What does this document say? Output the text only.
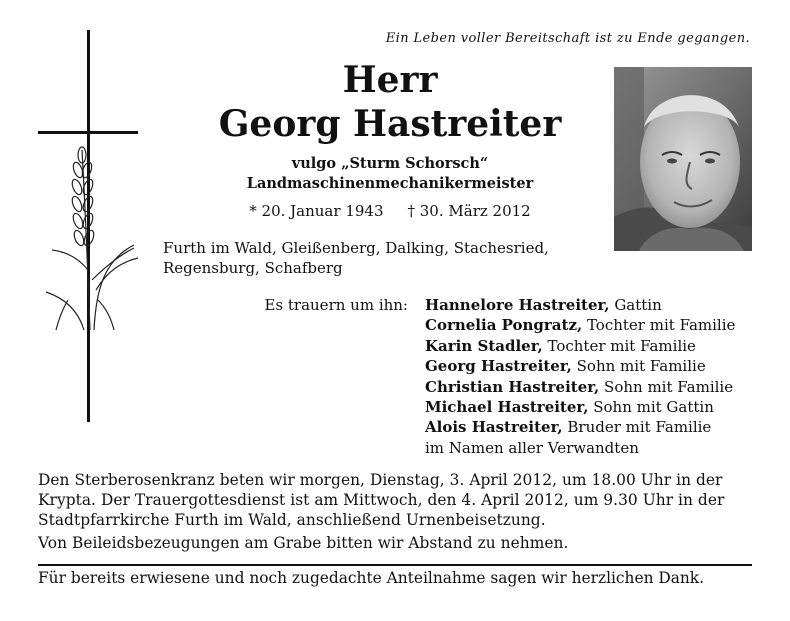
Ein Leben voller Bereitschaft ist zu Ende gegangen.
Herr
Georg Hastreiter
vulgo „Sturm Schorsch“
Landmaschinenmechanikermeister
* 20. Januar 1943 † 30. März 2012
Furth im Wald, Gleißenberg, Dalking, Stachesried, Regensburg, Schafberg
Es trauern um ihn: Hannelore Hastreiter, Gattin
Cornelia Pongratz, Tochter mit Familie
Karin Stadler, Tochter mit Familie
Georg Hastreiter, Sohn mit Familie
Christian Hastreiter, Sohn mit Familie
Michael Hastreiter, Sohn mit Gattin
Alois Hastreiter, Bruder mit Familie
im Namen aller Verwandten

Den Sterberosenkranz beten wir morgen, Dienstag, 3. April 2012, um 18.00 Uhr in der Krypta. Der Trauergottesdienst ist am Mittwoch, den 4. April 2012, um 9.30 Uhr in der Stadtpfarrkirche Furth im Wald, anschließend Urnenbeisetzung.

Von Beileidsbezeugungen am Grabe bitten wir Abstand zu nehmen.

Für bereits erwiesene und noch zugedachte Anteilnahme sagen wir herzlichen Dank.
